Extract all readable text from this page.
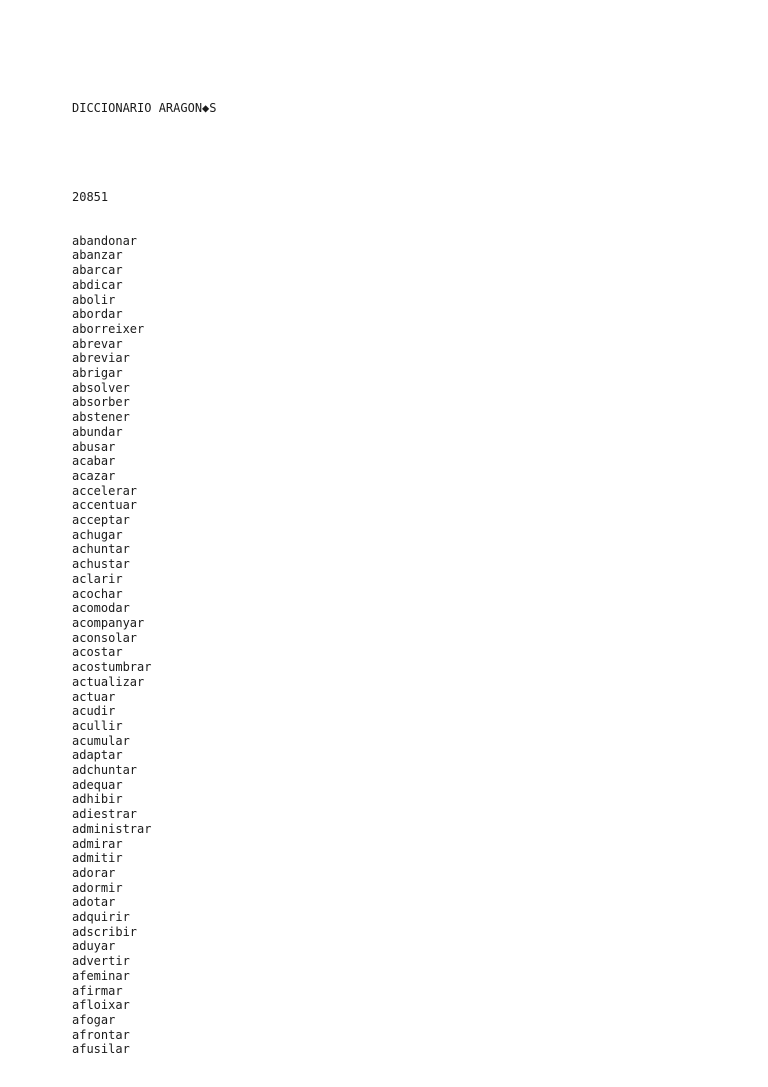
DICCIONARIO ARAGON◆S

20851

abandonar
abanzar
abarcar
abdicar
abolir
abordar
aborreixer
abrevar
abreviar
abrigar
absolver
absorber
abstener
abundar
abusar
acabar
acazar
accelerar
accentuar
acceptar
achugar
achuntar
achustar
aclarir
acochar
acomodar
acompanyar
aconsolar
acostar
acostumbrar
actualizar
actuar
acudir
acullir
acumular
adaptar
adchuntar
adequar
adhibir
adiestrar
administrar
admirar
admitir
adorar
adormir
adotar
adquirir
adscribir
aduyar
advertir
afeminar
afirmar
afloixar
afogar
afrontar
afusilar
